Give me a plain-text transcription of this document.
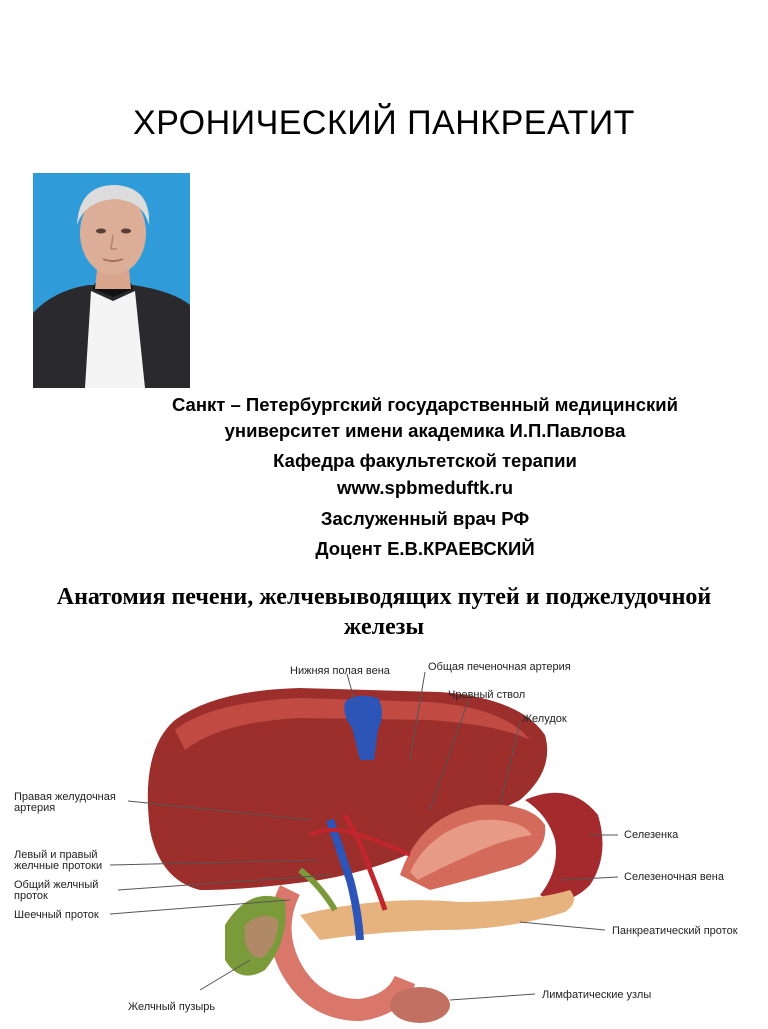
ХРОНИЧЕСКИЙ ПАНКРЕАТИТ
Санкт – Петербургский государственный медицинский
университет имени академика И.П.Павлова
Кафедра факультетской терапии
www.spbmeduftk.ru
Заслуженный врач РФ
Доцент Е.В.КРАЕВСКИЙ
Анатомия печени, желчевыводящих путей и поджелудочной
железы
Нижняя полая вена	Общая печеночная артерия
Чревный ствол
Желудок
Правая желудочная
артерия
Левый и правый
желчные протоки
Общий желчный
проток
Шеечный проток
Желчный пузырь
Селезенка
Селезеночная вена
Панкреатический проток
Лимфатические узлы
